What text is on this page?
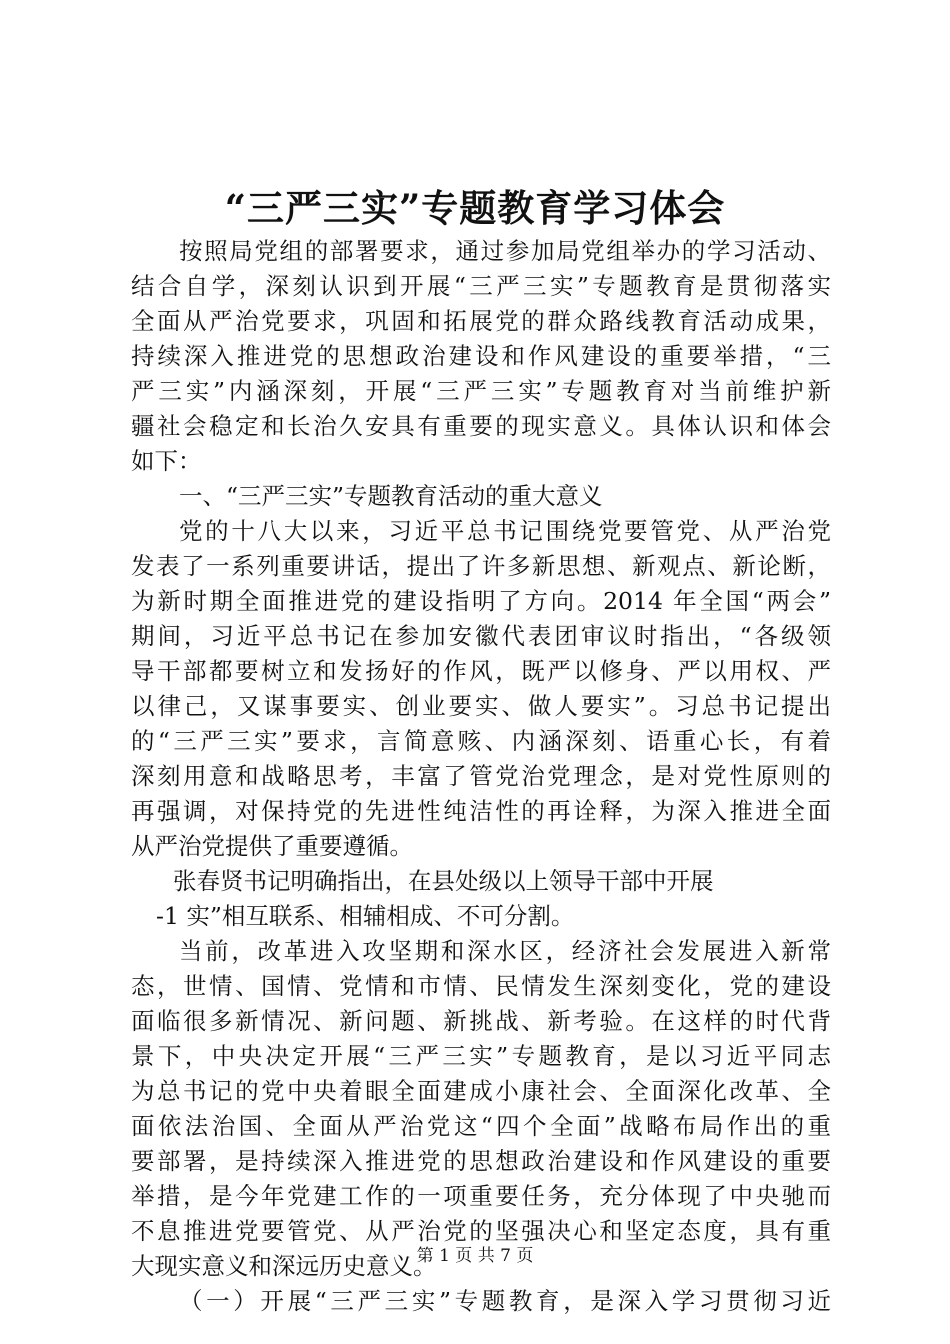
“三严三实”专题教育学习体会
按照局党组的部署要求，通过参加局党组举办的学习活动、
结合自学，深刻认识到开展“三严三实”专题教育是贯彻落实
全面从严治党要求，巩固和拓展党的群众路线教育活动成果，
持续深入推进党的思想政治建设和作风建设的重要举措，“三
严三实”内涵深刻，开展“三严三实”专题教育对当前维护新
疆社会稳定和长治久安具有重要的现实意义。具体认识和体会
如下：
一、“三严三实”专题教育活动的重大意义
党的十八大以来，习近平总书记围绕党要管党、从严治党
发表了一系列重要讲话，提出了许多新思想、新观点、新论断，
为新时期全面推进党的建设指明了方向。2014 年全国“两会”
期间，习近平总书记在参加安徽代表团审议时指出，“各级领
导干部都要树立和发扬好的作风，既严以修身、严以用权、严
以律己，又谋事要实、创业要实、做人要实”。习总书记提出
的“三严三实”要求，言简意赅、内涵深刻、语重心长，有着
深刻用意和战略思考，丰富了管党治党理念，是对党性原则的
再强调，对保持党的先进性纯洁性的再诠释，为深入推进全面
从严治党提供了重要遵循。
张春贤书记明确指出，在县处级以上领导干部中开展
-1 实”相互联系、相辅相成、不可分割。
当前，改革进入攻坚期和深水区，经济社会发展进入新常
态，世情、国情、党情和市情、民情发生深刻变化，党的建设
面临很多新情况、新问题、新挑战、新考验。在这样的时代背
景下，中央决定开展“三严三实”专题教育，是以习近平同志
为总书记的党中央着眼全面建成小康社会、全面深化改革、全
面依法治国、全面从严治党这“四个全面”战略布局作出的重
要部署，是持续深入推进党的思想政治建设和作风建设的重要
举措，是今年党建工作的一项重要任务，充分体现了中央驰而
不息推进党要管党、从严治党的坚强决心和坚定态度，具有重
大现实意义和深远历史意义。
（一）开展“三严三实”专题教育，是深入学习贯彻习近
第 1 页 共 7 页
